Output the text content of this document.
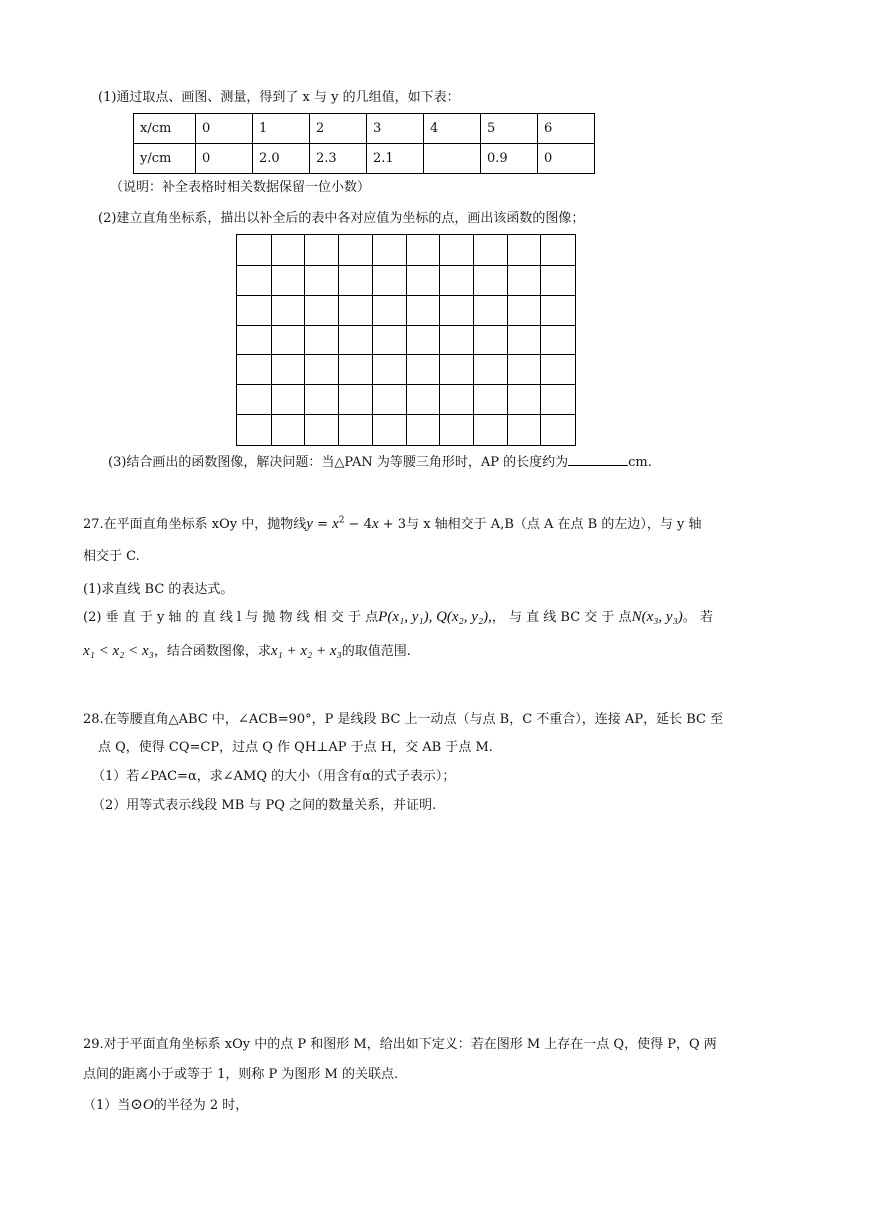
(1)通过取点、画图、测量，得到了 x 与 y 的几组值，如下表：
x/cm	0	1	2	3	4	5	6
y/cm	0	2.0	2.3	2.1		0.9	0
（说明：补全表格时相关数据保留一位小数）
(2)建立直角坐标系，描出以补全后的表中各对应值为坐标的点，画出该函数的图像；
(3)结合画出的函数图像，解决问题：当△PAN 为等腰三角形时，AP 的长度约为	cm.
27.在平面直角坐标系 xOy 中，抛物线$y = x^2 - 4x + 3$与 x 轴相交于 A,B（点 A 在点 B 的左边），与 y 轴
相交于 C.
(1)求直线 BC 的表达式。
(2) 垂 直 于 y 轴 的 直 线 l 与 抛 物 线 相 交 于 点P(x₁, y₁), Q(x₂, y₂),， 与 直 线 BC 交 于 点N(x₃, y₃)。 若
x₁ < x₂ < x₃，结合函数图像，求x₁ + x₂ + x₃的取值范围.
28.在等腰直角△ABC 中，∠ACB=90°，P 是线段 BC 上一动点（与点 B，C 不重合），连接 AP，延长 BC 至
点 Q，使得 CQ=CP，过点 Q 作 QH⊥AP 于点 H，交 AB 于点 M.
（1）若∠PAC=α，求∠AMQ 的大小（用含有α的式子表示）；
（2）用等式表示线段 MB 与 PQ 之间的数量关系，并证明.
29.对于平面直角坐标系 xOy 中的点 P 和图形 M，给出如下定义：若在图形 M 上存在一点 Q，使得 P，Q 两
点间的距离小于或等于 1，则称 P 为图形 M 的关联点.
（1）当⊙O的半径为 2 时，
